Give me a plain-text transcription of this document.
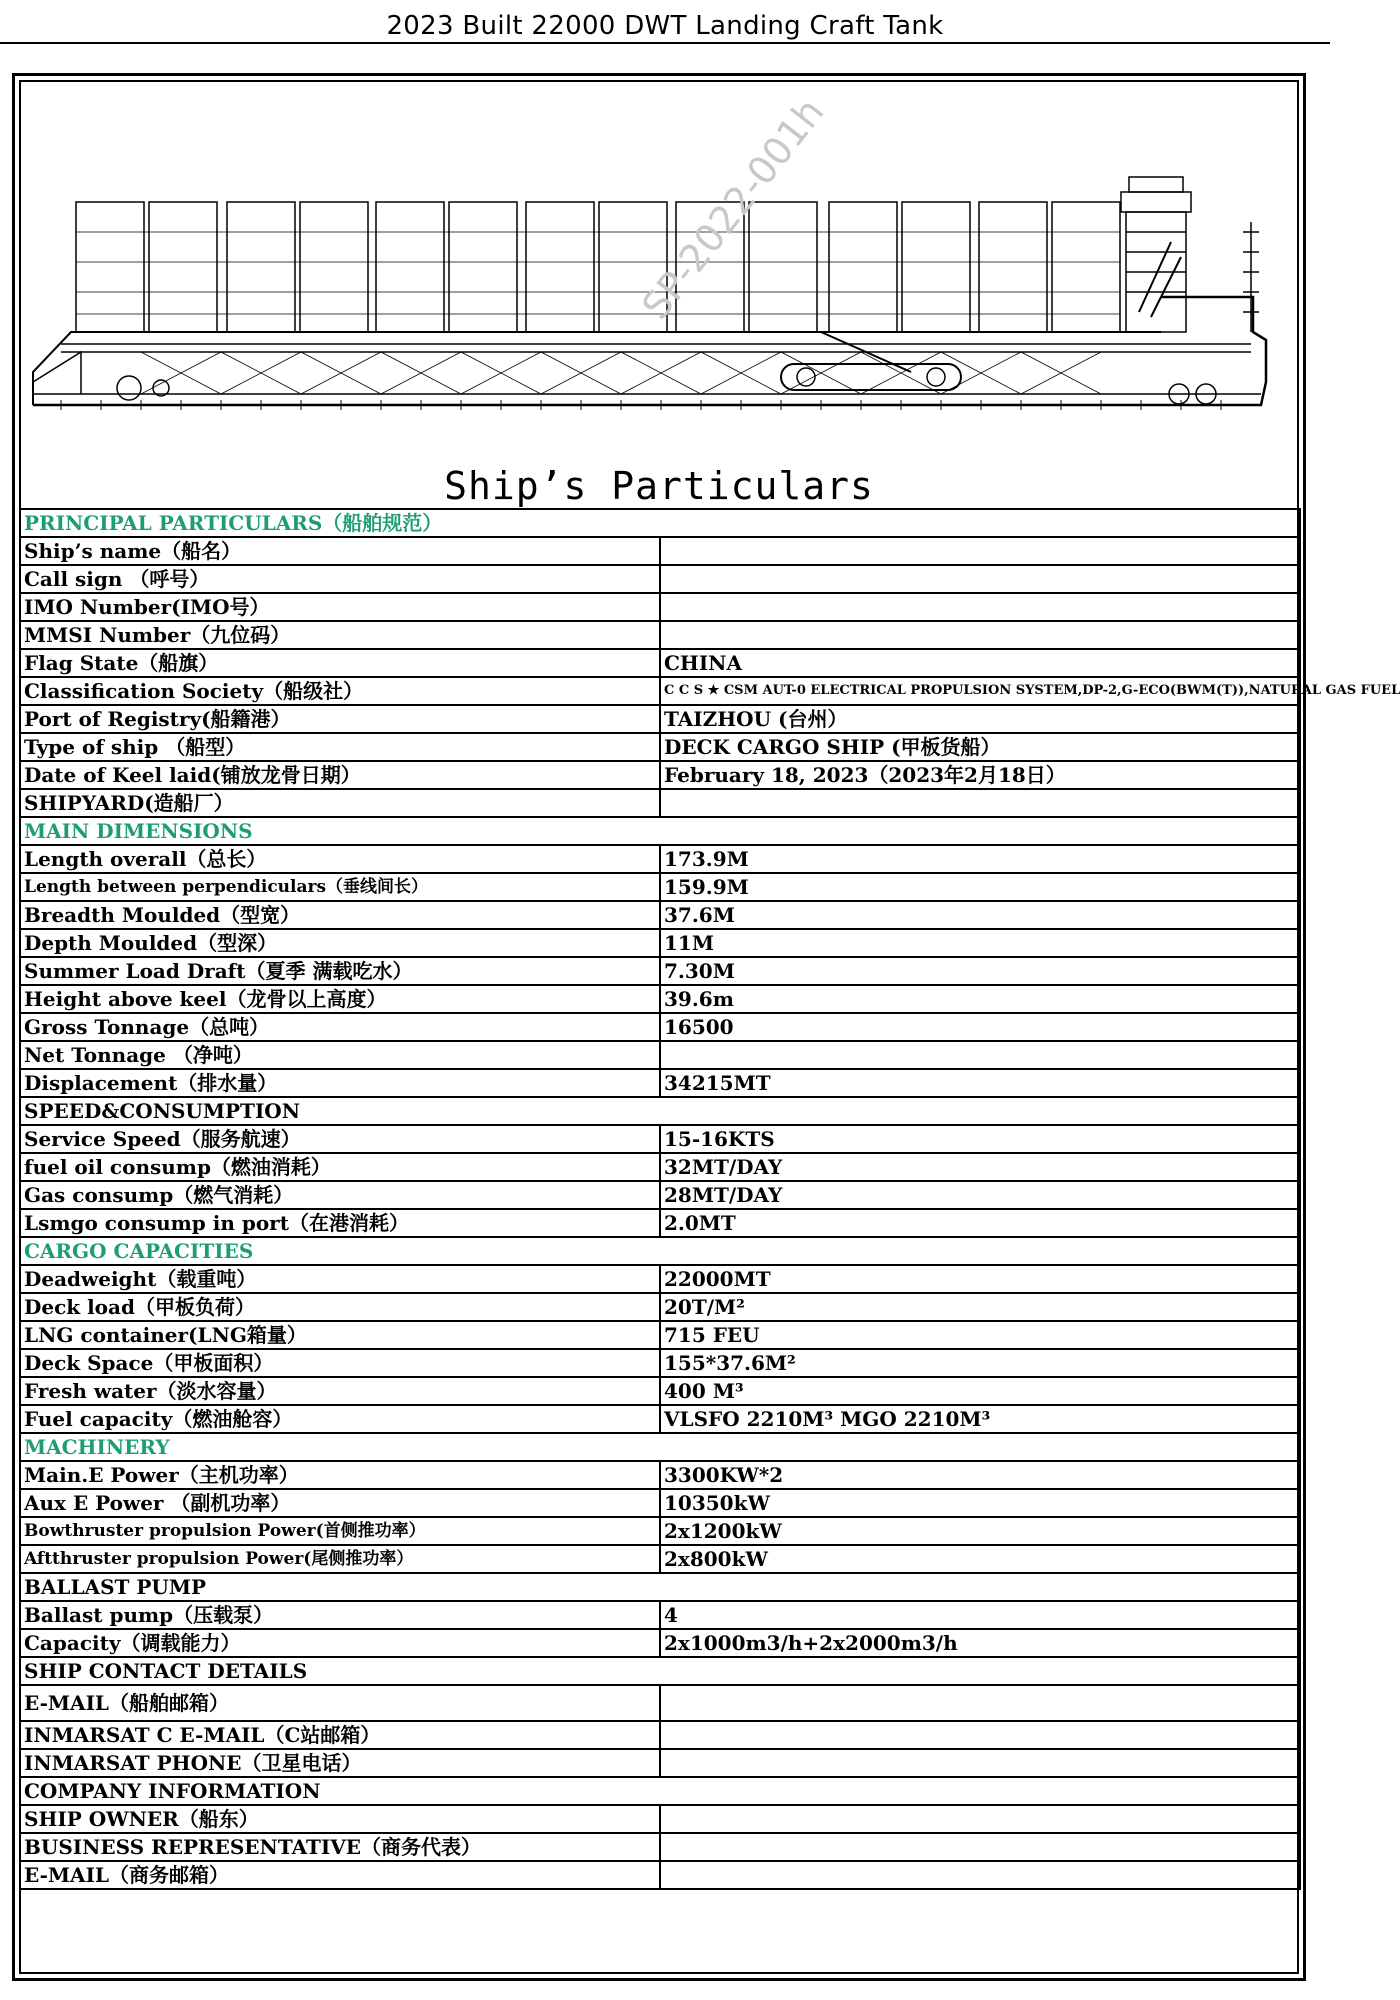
2023 Built 22000 DWT Landing Craft Tank
SP-2022-001h
Ship’s Particulars
PRINCIPAL PARTICULARS（船舶规范）	
Ship’s name（船名）	
Call sign （呼号）	
IMO Number(IMO号）	
MMSI Number（九位码）	
Flag State（船旗）	CHINA
Classification Society（船级社）	C C S ★ CSM AUT-0 ELECTRICAL PROPULSION SYSTEM,DP-2,G-ECO(BWM(T)),NATURAL GAS FUEL
Port of Registry(船籍港）	TAIZHOU (台州）
Type of ship （船型）	DECK CARGO SHIP (甲板货船）
Date of Keel laid(铺放龙骨日期）	February 18, 2023（2023年2月18日）
SHIPYARD(造船厂）	
MAIN DIMENSIONS	
Length overall（总长）	173.9M
Length between perpendiculars（垂线间长）	159.9M
Breadth Moulded（型宽）	37.6M
Depth Moulded（型深）	11M
Summer Load Draft（夏季 满载吃水）	7.30M
Height above keel（龙骨以上高度）	39.6m
Gross Tonnage（总吨）	16500
Net Tonnage （净吨）	
Displacement（排水量）	34215MT
SPEED&CONSUMPTION	
Service Speed（服务航速）	15-16KTS
fuel oil consump（燃油消耗）	32MT/DAY
Gas consump（燃气消耗）	28MT/DAY
Lsmgo consump in port（在港消耗）	2.0MT
CARGO CAPACITIES	
Deadweight（载重吨）	22000MT
Deck load（甲板负荷）	20T/M²
LNG container(LNG箱量）	715 FEU
Deck Space（甲板面积）	155*37.6M²
Fresh water（淡水容量）	400 M³
Fuel capacity（燃油舱容）	VLSFO 2210M³ MGO 2210M³
MACHINERY	
Main.E Power（主机功率）	3300KW*2
Aux E Power （副机功率）	10350kW
Bowthruster propulsion Power(首侧推功率）	2x1200kW
Aftthruster propulsion Power(尾侧推功率）	2x800kW
BALLAST PUMP	
Ballast pump（压载泵）	4
Capacity（调载能力）	2x1000m3/h+2x2000m3/h
SHIP CONTACT DETAILS	
E-MAIL（船舶邮箱）	
INMARSAT C E-MAIL（C站邮箱）	
INMARSAT PHONE（卫星电话）	
COMPANY INFORMATION	
SHIP OWNER（船东）	
BUSINESS REPRESENTATIVE（商务代表）	
E-MAIL（商务邮箱）	
